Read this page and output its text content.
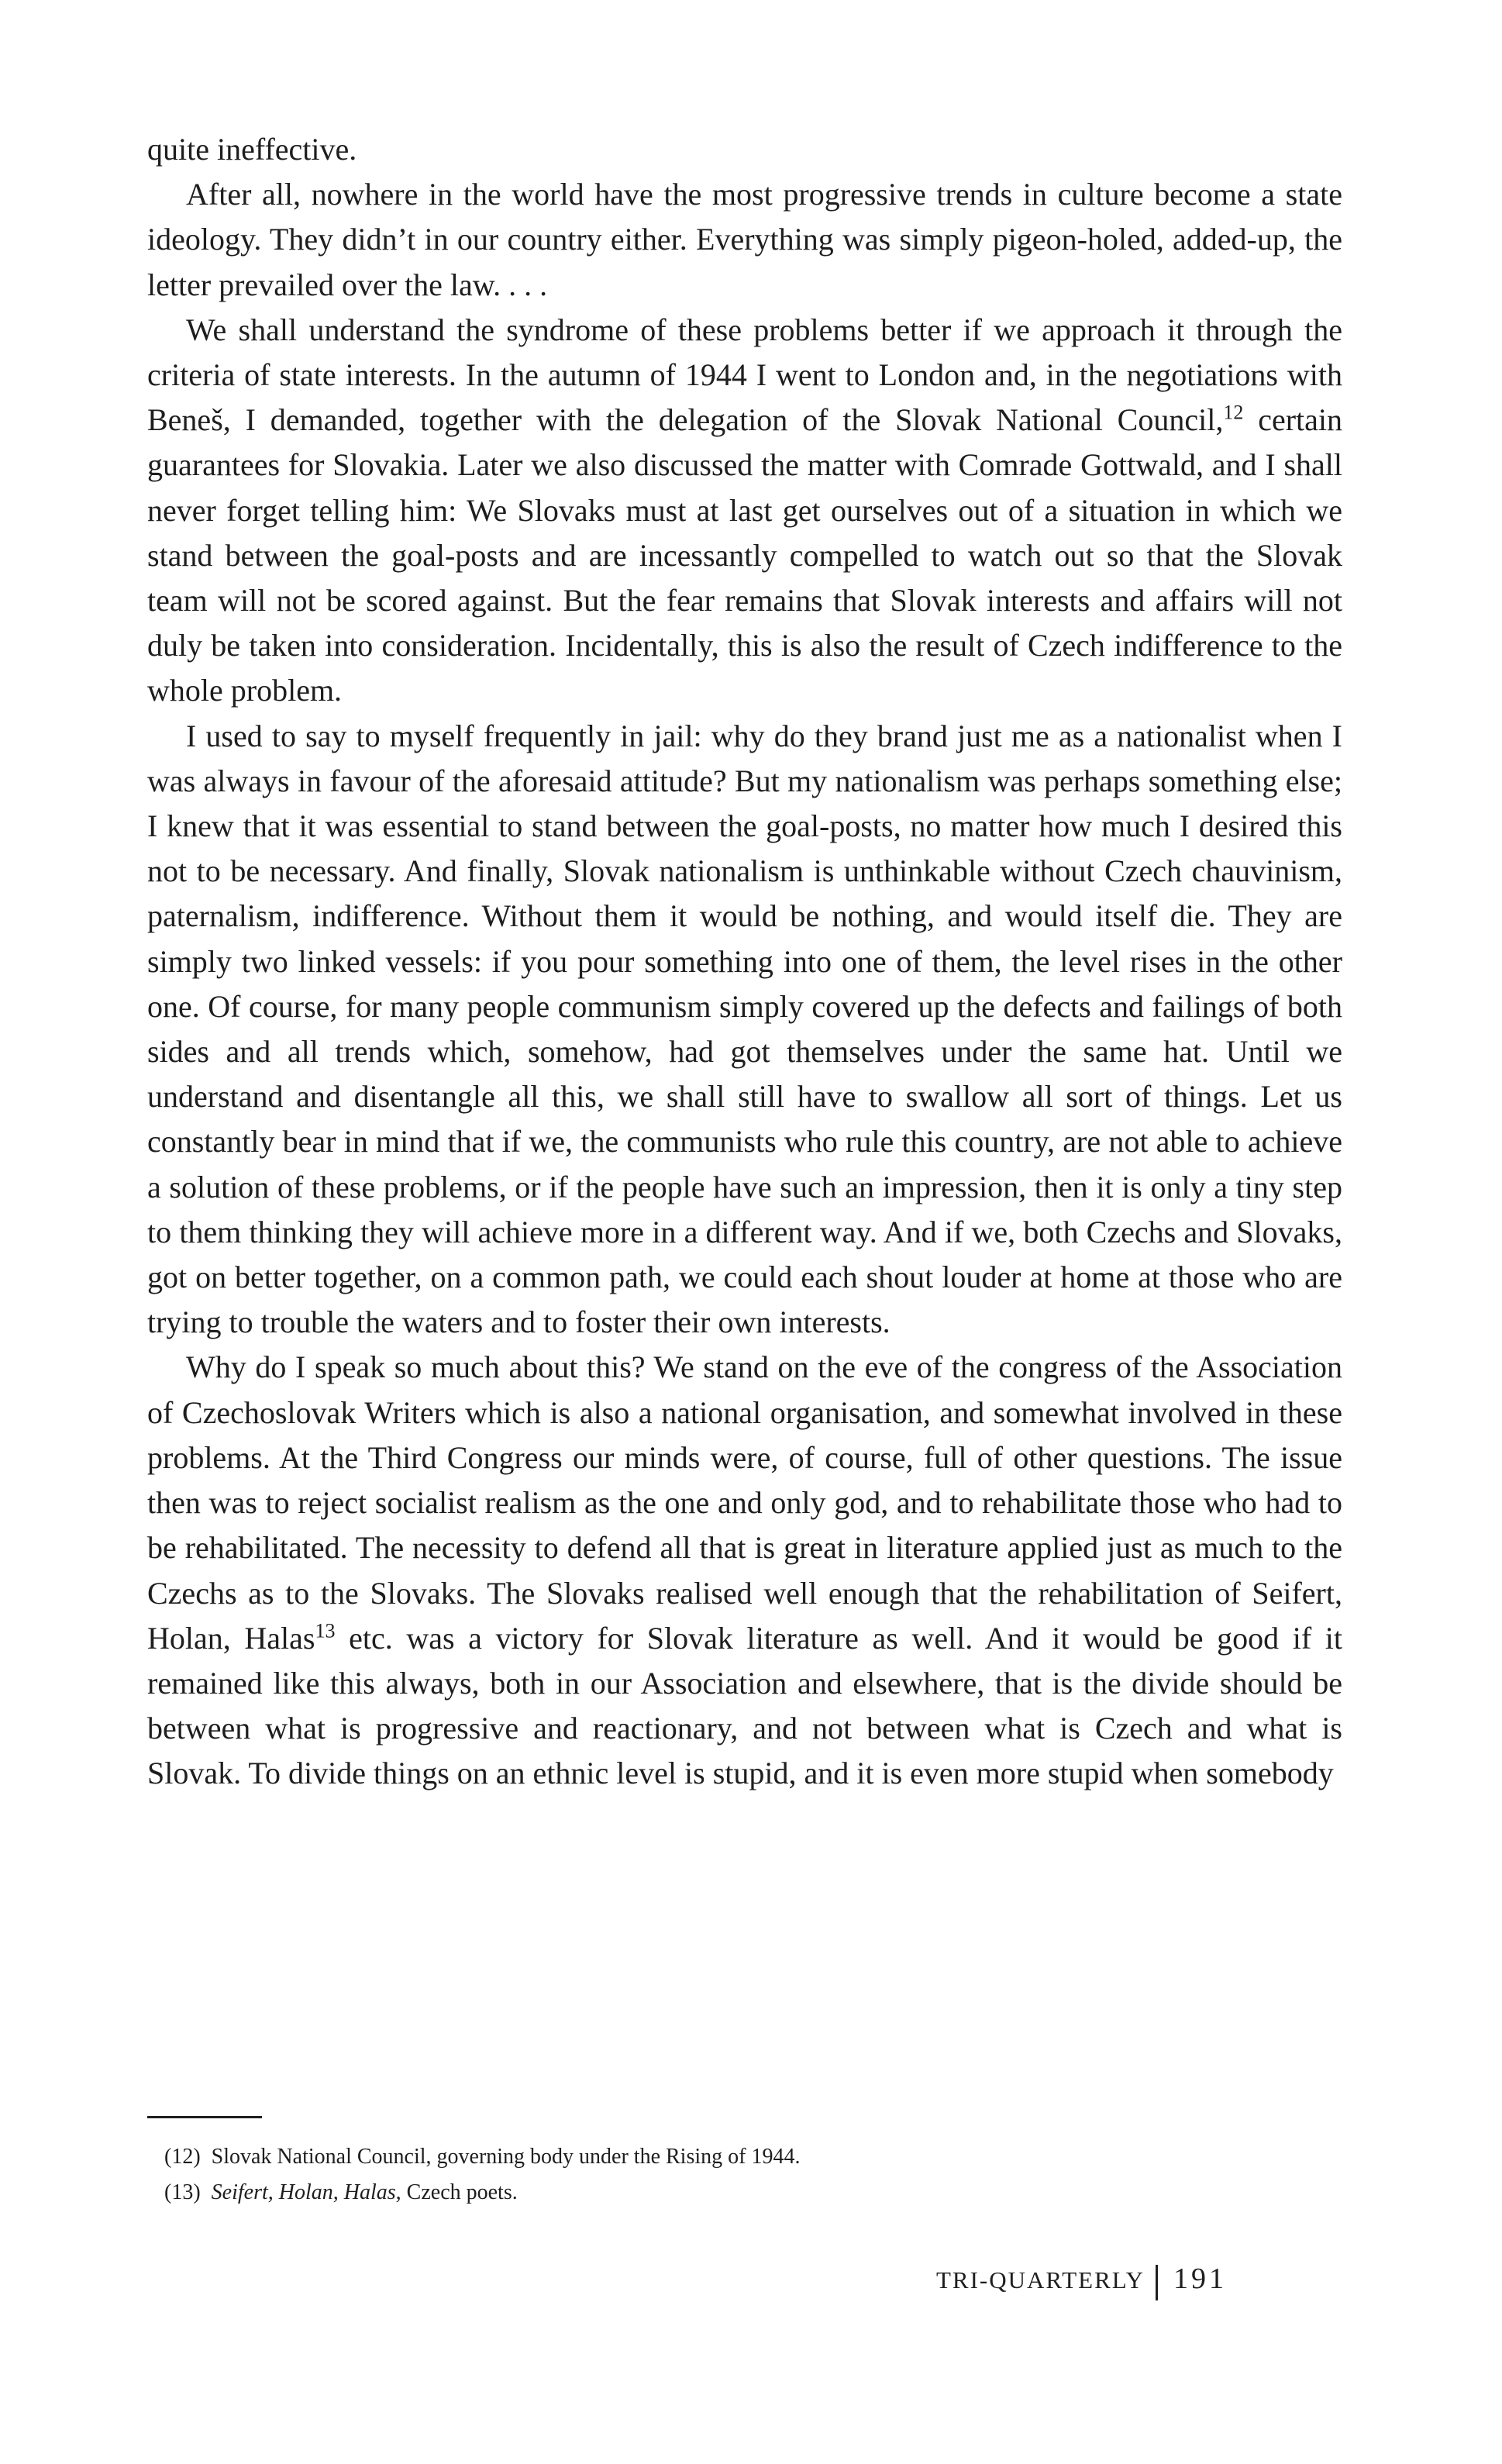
quite ineffective.

After all, nowhere in the world have the most progressive trends in culture become a state ideology. They didn’t in our country either. Everything was simply pigeon-holed, added-up, the letter prevailed over the law. . . .

We shall understand the syndrome of these problems better if we approach it through the criteria of state interests. In the autumn of 1944 I went to London and, in the negotiations with Beneš, I demanded, together with the delegation of the Slovak National Council,$^{12}$ certain guarantees for Slovakia. Later we also discussed the matter with Comrade Gottwald, and I shall never forget telling him: We Slovaks must at last get ourselves out of a situation in which we stand between the goal-posts and are incessantly compelled to watch out so that the Slovak team will not be scored against. But the fear remains that Slovak interests and affairs will not duly be taken into consideration. Incidentally, this is also the result of Czech indifference to the whole problem.

I used to say to myself frequently in jail: why do they brand just me as a nationalist when I was always in favour of the aforesaid attitude? But my nationalism was perhaps something else; I knew that it was essential to stand between the goal-posts, no matter how much I desired this not to be necessary. And finally, Slovak nationalism is unthinkable without Czech chauvinism, paternalism, indifference. Without them it would be nothing, and would itself die. They are simply two linked vessels: if you pour something into one of them, the level rises in the other one. Of course, for many people communism simply covered up the defects and failings of both sides and all trends which, somehow, had got themselves under the same hat. Until we understand and disentangle all this, we shall still have to swallow all sort of things. Let us constantly bear in mind that if we, the communists who rule this country, are not able to achieve a solution of these problems, or if the people have such an impression, then it is only a tiny step to them thinking they will achieve more in a different way. And if we, both Czechs and Slovaks, got on better together, on a common path, we could each shout louder at home at those who are trying to trouble the waters and to foster their own interests.

Why do I speak so much about this? We stand on the eve of the congress of the Association of Czechoslovak Writers which is also a national organisation, and somewhat involved in these problems. At the Third Congress our minds were, of course, full of other questions. The issue then was to reject socialist realism as the one and only god, and to rehabilitate those who had to be rehabilitated. The necessity to defend all that is great in literature applied just as much to the Czechs as to the Slovaks. The Slovaks realised well enough that the rehabilitation of Seifert, Holan, Halas$^{13}$ etc. was a victory for Slovak literature as well. And it would be good if it remained like this always, both in our Association and elsewhere, that is the divide should be between what is progressive and reactionary, and not between what is Czech and what is Slovak. To divide things on an ethnic level is stupid, and it is even more stupid when somebody

(12) Slovak National Council, governing body under the Rising of 1944.

(13) Seifert, Holan, Halas, Czech poets.

TRI-QUARTERLY 191
